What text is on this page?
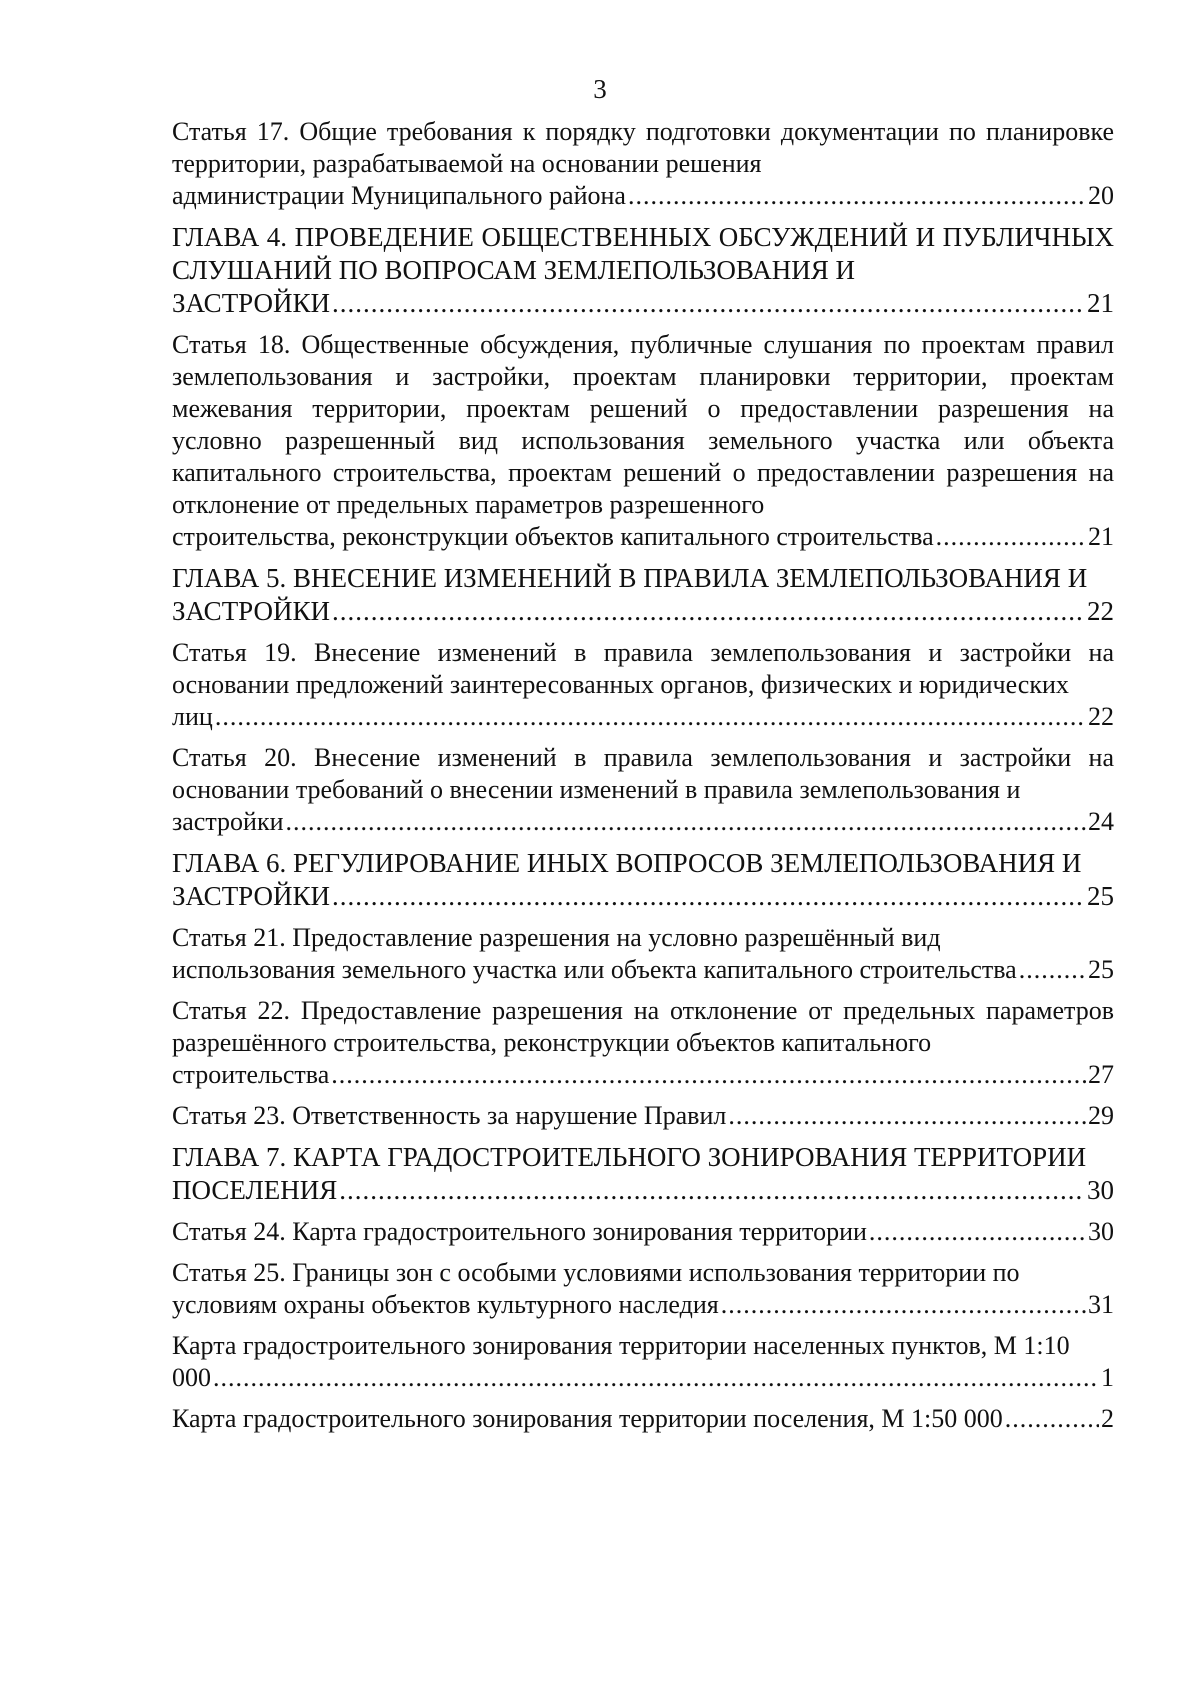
3
Статья 17. Общие требования к порядку подготовки документации по планировке территории, разрабатываемой на основании решения
администрации Муниципального района .....	20
ГЛАВА 4. ПРОВЕДЕНИЕ ОБЩЕСТВЕННЫХ ОБСУЖДЕНИЙ И ПУБЛИЧНЫХ СЛУШАНИЙ ПО ВОПРОСАМ ЗЕМЛЕПОЛЬЗОВАНИЯ И
ЗАСТРОЙКИ .....	21
Статья 18. Общественные обсуждения, публичные слушания по проектам правил землепользования и застройки, проектам планировки территории, проектам межевания территории, проектам решений о предоставлении разрешения на условно разрешенный вид использования земельного участка или объекта капитального строительства, проектам решений о предоставлении разрешения на отклонение от предельных параметров разрешенного
строительства, реконструкции объектов капитального строительства .....	21
ГЛАВА 5. ВНЕСЕНИЕ ИЗМЕНЕНИЙ В ПРАВИЛА ЗЕМЛЕПОЛЬЗОВАНИЯ И
ЗАСТРОЙКИ .....	22
Статья 19. Внесение изменений в правила землепользования и застройки на основании предложений заинтересованных органов, физических и юридических
лиц .....	22
Статья 20. Внесение изменений в правила землепользования и застройки на основании требований о внесении изменений в правила землепользования и
застройки .....	24
ГЛАВА 6. РЕГУЛИРОВАНИЕ ИНЫХ ВОПРОСОВ ЗЕМЛЕПОЛЬЗОВАНИЯ И
ЗАСТРОЙКИ .....	25
Статья 21. Предоставление разрешения на условно разрешённый вид
использования земельного участка или объекта капитального строительства .....	25
Статья 22. Предоставление разрешения на отклонение от предельных параметров разрешённого строительства, реконструкции объектов капитального
строительства .....	27
Статья 23. Ответственность за нарушение Правил .....	29
ГЛАВА 7. КАРТА ГРАДОСТРОИТЕЛЬНОГО ЗОНИРОВАНИЯ ТЕРРИТОРИИ
ПОСЕЛЕНИЯ .....	30
Статья 24. Карта градостроительного зонирования территории .....	30
Статья 25. Границы зон с особыми условиями использования территории по
условиям охраны объектов культурного наследия .....	31
Карта градостроительного зонирования территории населенных пунктов, М 1:10
000 .....	1
Карта градостроительного зонирования территории поселения, М 1:50 000 .....	2
